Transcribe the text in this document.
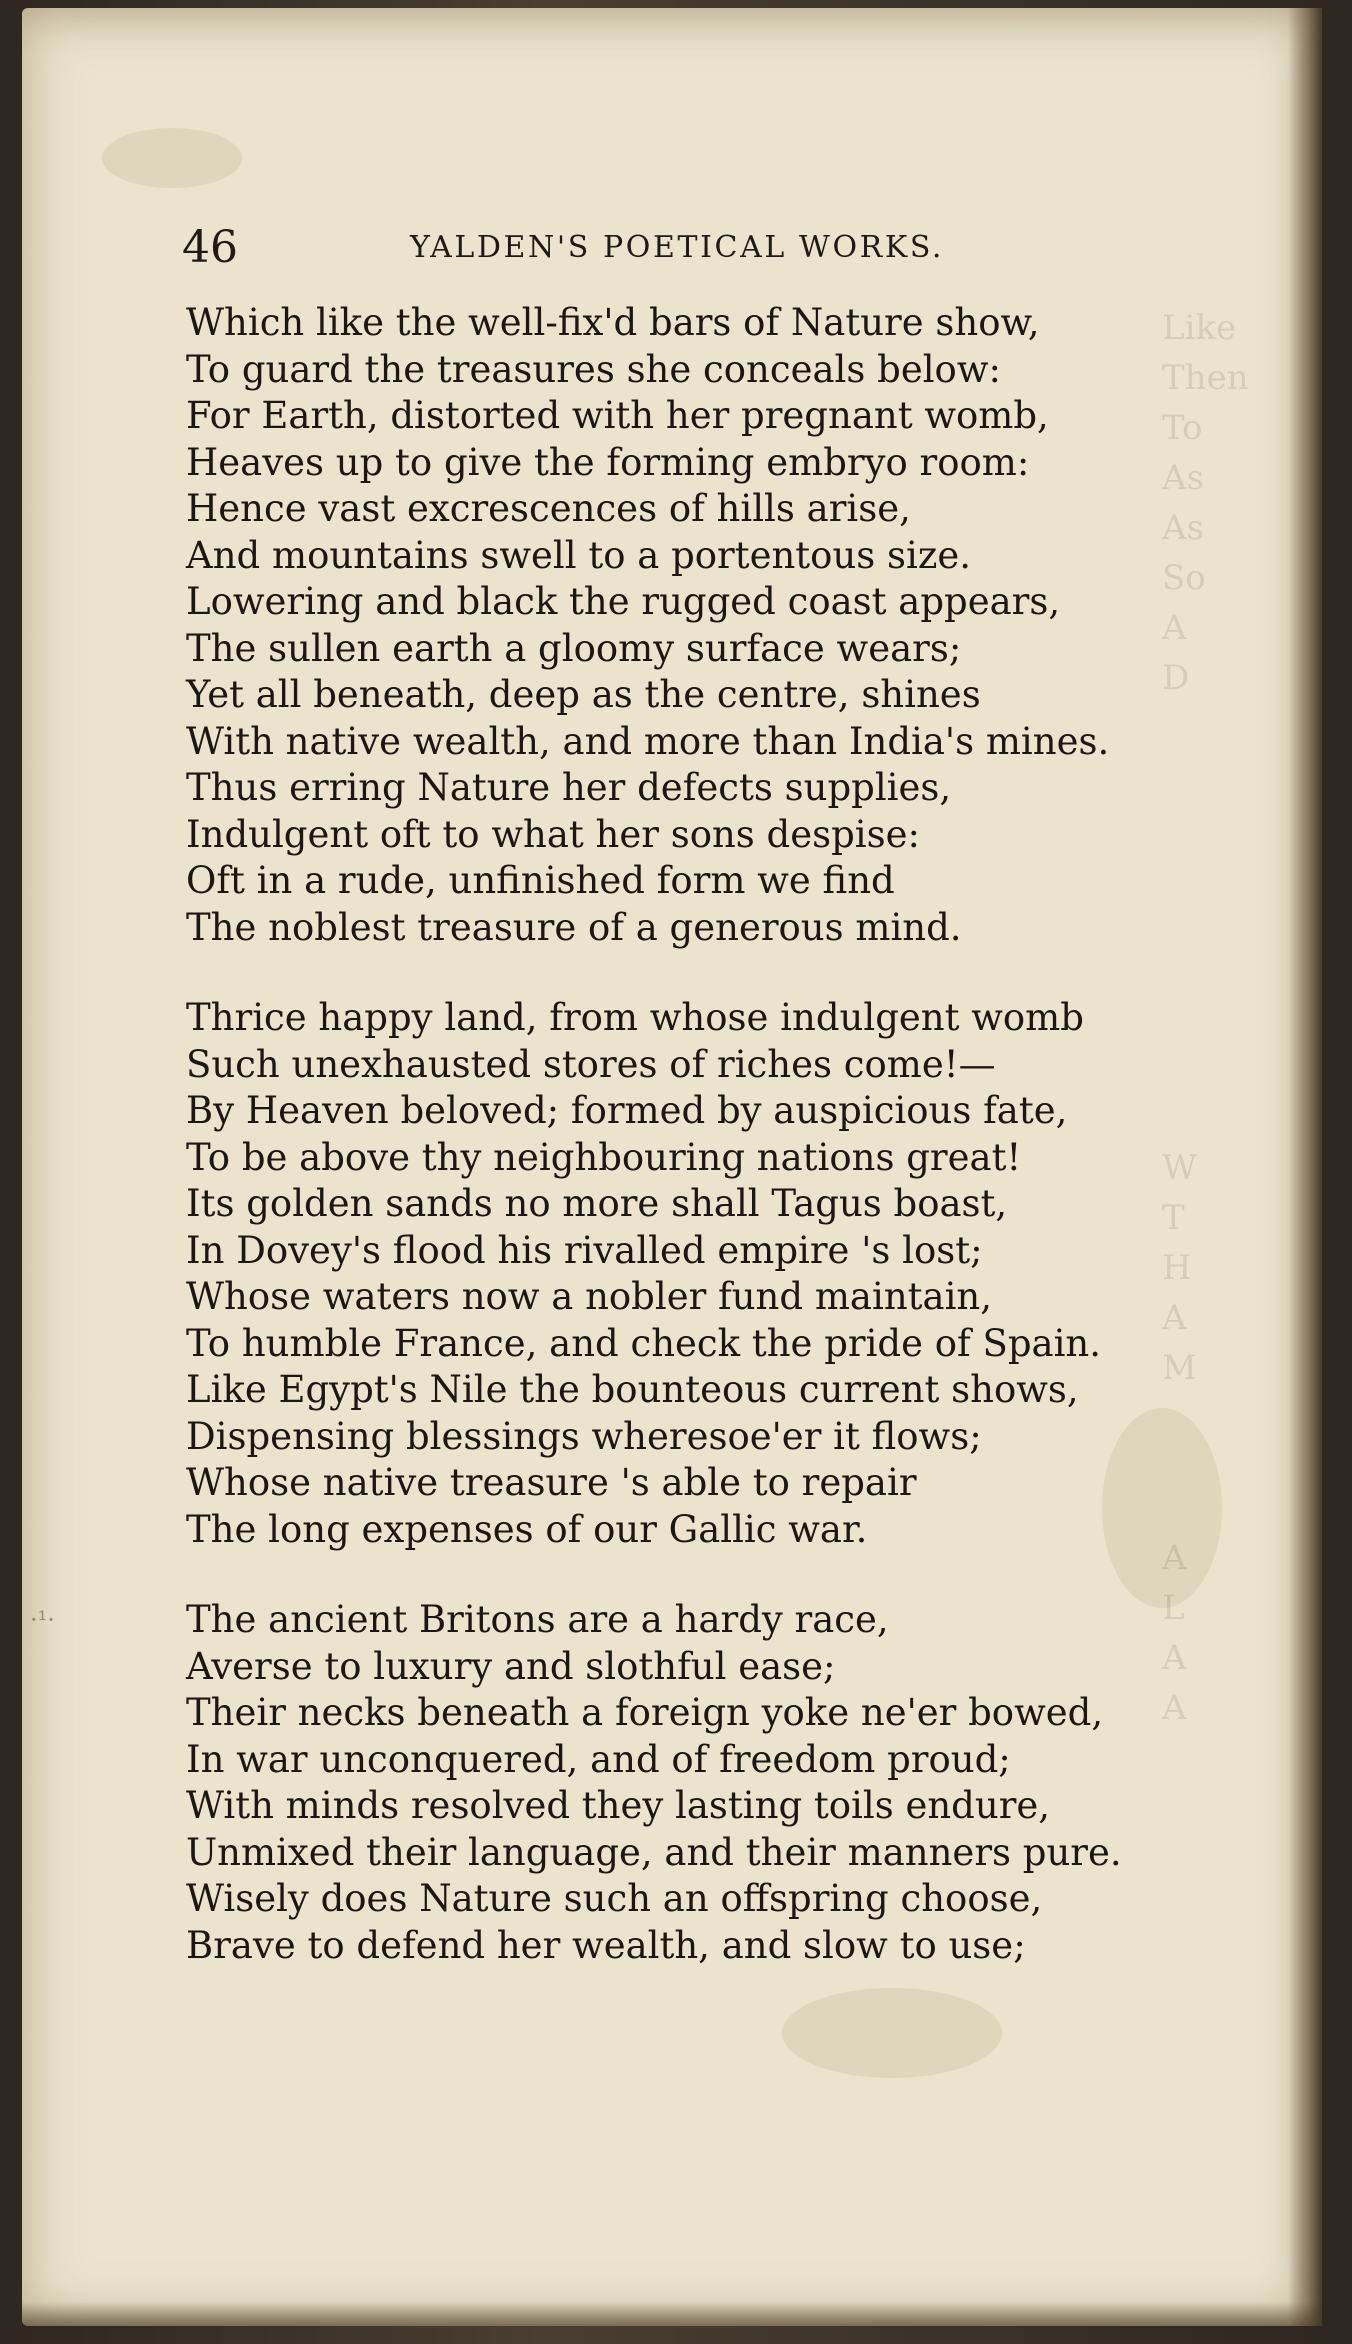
Like
Then
To
As
As
So
A
D
W
T
H
A
M
A
L
A
A
·¹·
46	YALDEN'S POETICAL WORKS.
Which like the well-fix'd bars of Nature show,
To guard the treasures she conceals below:
For Earth, distorted with her pregnant womb,
Heaves up to give the forming embryo room:
Hence vast excrescences of hills arise,
And mountains swell to a portentous size.
Lowering and black the rugged coast appears,
The sullen earth a gloomy surface wears;
Yet all beneath, deep as the centre, shines
With native wealth, and more than India's mines.
Thus erring Nature her defects supplies,
Indulgent oft to what her sons despise:
Oft in a rude, unfinished form we find
The noblest treasure of a generous mind.
Thrice happy land, from whose indulgent womb
Such unexhausted stores of riches come!—
By Heaven beloved; formed by auspicious fate,
To be above thy neighbouring nations great!
Its golden sands no more shall Tagus boast,
In Dovey's flood his rivalled empire 's lost;
Whose waters now a nobler fund maintain,
To humble France, and check the pride of Spain.
Like Egypt's Nile the bounteous current shows,
Dispensing blessings wheresoe'er it flows;
Whose native treasure 's able to repair
The long expenses of our Gallic war.
The ancient Britons are a hardy race,
Averse to luxury and slothful ease;
Their necks beneath a foreign yoke ne'er bowed,
In war unconquered, and of freedom proud;
With minds resolved they lasting toils endure,
Unmixed their language, and their manners pure.
Wisely does Nature such an offspring choose,
Brave to defend her wealth, and slow to use;
